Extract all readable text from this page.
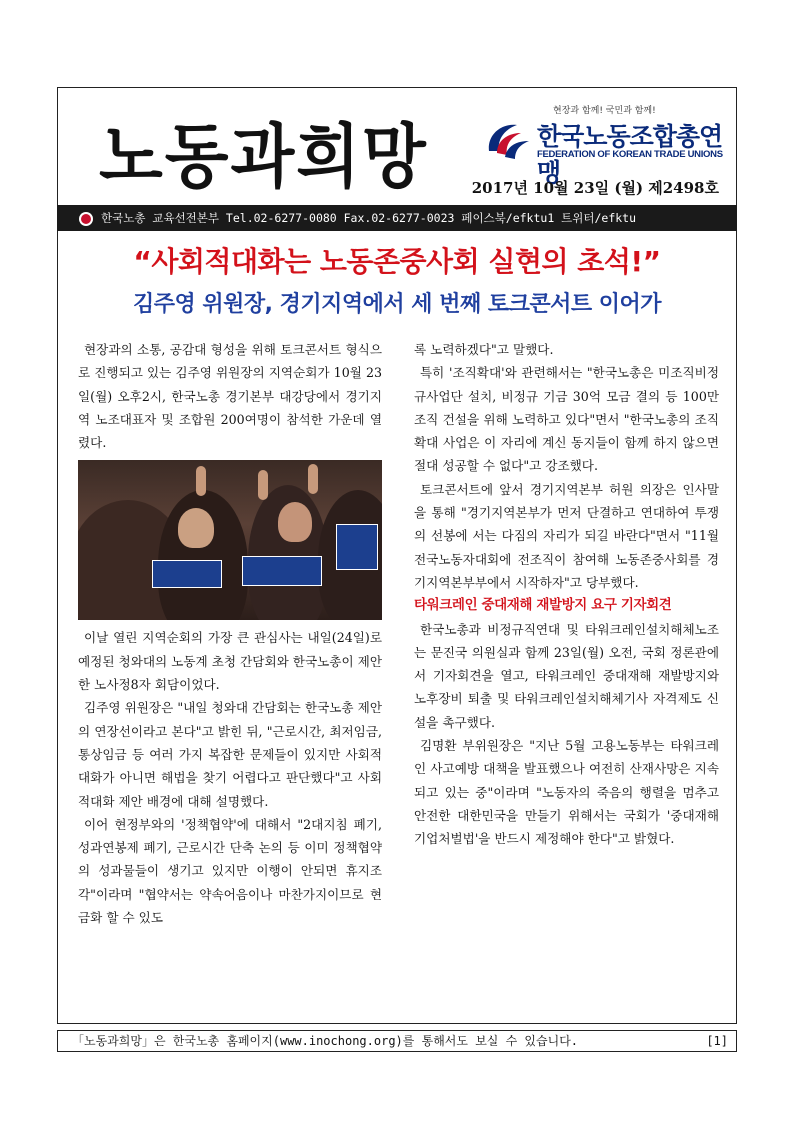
노동과희망
현장과 함께! 국민과 함께!
한국노동조합총연맹
FEDERATION OF KOREAN TRADE UNIONS
2017년 10월 23일 (월) 제2498호
한국노총 교육선전본부 Tel.02-6277-0080 Fax.02-6277-0023 페이스북/efktu1 트위터/efktu
“사회적대화는 노동존중사회 실현의 초석!”
김주영 위원장, 경기지역에서 세 번째 토크콘서트 이어가

현장과의 소통, 공감대 형성을 위해 토크콘서트 형식으로 진행되고 있는 김주영 위원장의 지역순회가 10월 23일(월) 오후2시, 한국노총 경기본부 대강당에서 경기지역 노조대표자 및 조합원 200여명이 참석한 가운데 열렸다.

이날 열린 지역순회의 가장 큰 관심사는 내일(24일)로 예정된 청와대의 노동계 초청 간담회와 한국노총이 제안한 노사정8자 회담이었다.

김주영 위원장은 "내일 청와대 간담회는 한국노총 제안의 연장선이라고 본다"고 밝힌 뒤, "근로시간, 최저임금, 통상임금 등 여러 가지 복잡한 문제들이 있지만 사회적 대화가 아니면 해법을 찾기 어렵다고 판단했다"고 사회적대화 제안 배경에 대해 설명했다.

이어 현정부와의 '정책협약'에 대해서 "2대지침 폐기, 성과연봉제 폐기, 근로시간 단축 논의 등 이미 정책협약의 성과물들이 생기고 있지만 이행이 안되면 휴지조각"이라며 "협약서는 약속어음이나 마찬가지이므로 현금화 할 수 있도

록 노력하겠다"고 말했다.

특히 '조직확대'와 관련해서는 "한국노총은 미조직비정규사업단 설치, 비정규 기금 30억 모금 결의 등 100만 조직 건설을 위해 노력하고 있다"면서 "한국노총의 조직확대 사업은 이 자리에 계신 동지들이 함께 하지 않으면 절대 성공할 수 없다"고 강조했다.

토크콘서트에 앞서 경기지역본부 허원 의장은 인사말을 통해 "경기지역본부가 먼저 단결하고 연대하여 투쟁의 선봉에 서는 다짐의 자리가 되길 바란다"면서 "11월 전국노동자대회에 전조직이 참여해 노동존중사회를 경기지역본부부에서 시작하자"고 당부했다.

타워크레인 중대재해 재발방지 요구 기자회견

한국노총과 비정규직연대 및 타워크레인설치해체노조는 문진국 의원실과 함께 23일(월) 오전, 국회 정론관에서 기자회견을 열고, 타워크레인 중대재해 재발방지와 노후장비 퇴출 및 타워크레인설치해체기사 자격제도 신설을 촉구했다.

김명환 부위원장은 "지난 5월 고용노동부는 타워크레인 사고예방 대책을 발표했으나 여전히 산재사망은 지속되고 있는 중"이라며 "노동자의 죽음의 행렬을 멈추고 안전한 대한민국을 만들기 위해서는 국회가 '중대재해 기업처벌법'을 반드시 제정해야 한다"고 밝혔다.

「노동과희망」은 한국노총 홈페이지(www.inochong.org)를 통해서도 보실 수 있습니다.	[1]
